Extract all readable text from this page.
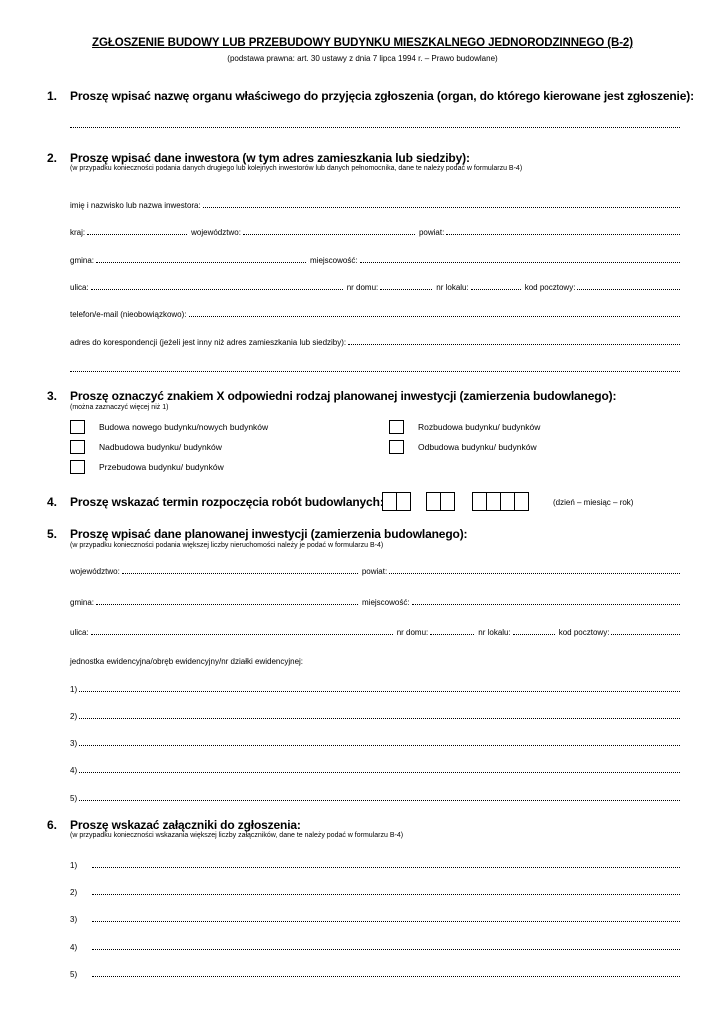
ZGŁOSZENIE BUDOWY LUB PRZEBUDOWY BUDYNKU MIESZKALNEGO JEDNORODZINNEGO (B-2)
(podstawa prawna: art. 30 ustawy z dnia 7 lipca 1994 r. – Prawo budowlane)
1. Proszę wpisać nazwę organu właściwego do przyjęcia zgłoszenia (organ, do którego kierowane jest zgłoszenie):
2. Proszę wpisać dane inwestora (w tym adres zamieszkania lub siedziby):
(w przypadku konieczności podania danych drugiego lub kolejnych inwestorów lub danych pełnomocnika, dane te należy podać w formularzu B-4)
imię i nazwisko lub nazwa inwestora:
kraj:	województwo:	powiat:
gmina:	miejscowość:
ulica:	nr domu:	nr lokalu:	kod pocztowy:
telefon/e-mail (nieobowiązkowo):
adres do korespondencji (jeżeli jest inny niż adres zamieszkania lub siedziby):
3. Proszę oznaczyć znakiem X odpowiedni rodzaj planowanej inwestycji (zamierzenia budowlanego):
(można zaznaczyć więcej niż 1)
Budowa nowego budynku/nowych budynków
Nadbudowa budynku/ budynków
Przebudowa budynku/ budynków
Rozbudowa budynku/ budynków
Odbudowa budynku/ budynków
4. Proszę wskazać termin rozpoczęcia robót budowlanych:	(dzień – miesiąc – rok)
5. Proszę wpisać dane planowanej inwestycji (zamierzenia budowlanego):
(w przypadku konieczności podania większej liczby nieruchomości należy je podać w formularzu B-4)
województwo:	powiat:
gmina:	miejscowość:
ulica:	nr domu:	nr lokalu:	kod pocztowy:
jednostka ewidencyjna/obręb ewidencyjny/nr działki ewidencyjnej:
1)
2)
3)
4)
5)
6. Proszę wskazać załączniki do zgłoszenia:
(w przypadku konieczności wskazania większej liczby załączników, dane te należy podać w formularzu B-4)
1)
2)
3)
4)
5)
